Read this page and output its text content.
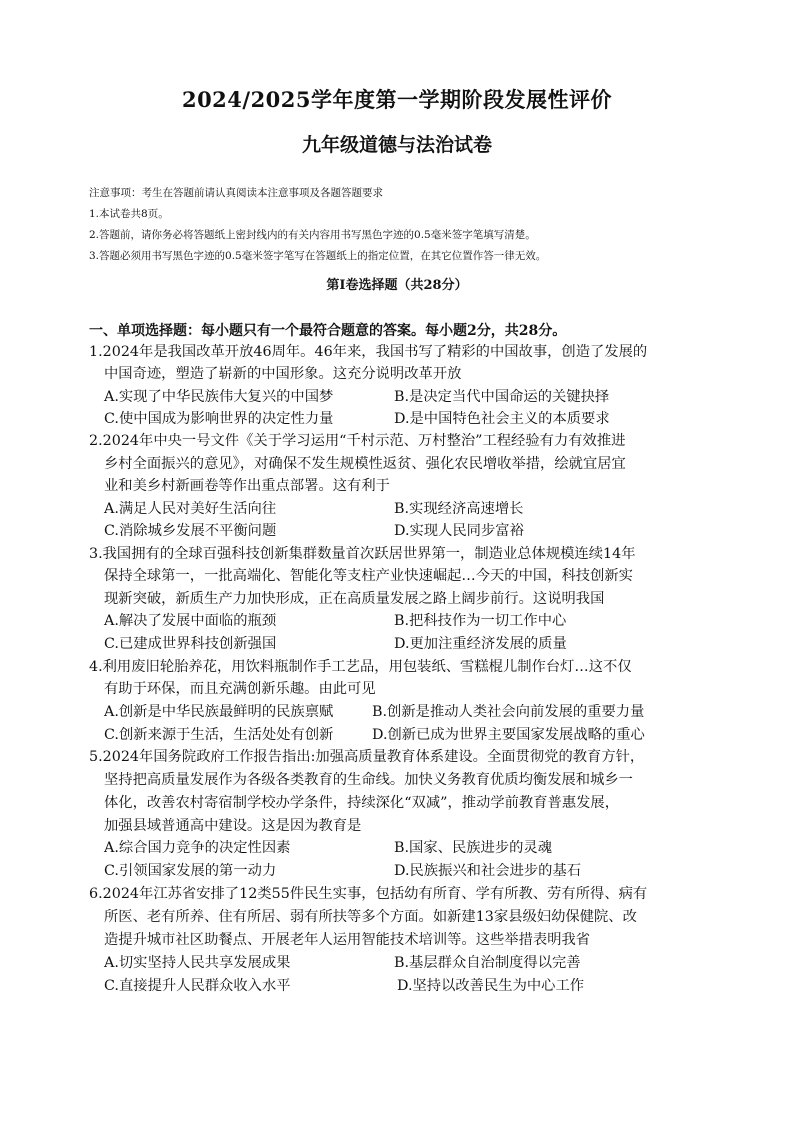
2024/2025学年度第一学期阶段发展性评价
九年级道德与法治试卷
注意事项：考生在答题前请认真阅读本注意事项及各题答题要求
1.本试卷共8页。
2.答题前，请你务必将答题纸上密封线内的有关内容用书写黑色字迹的0.5毫米签字笔填写清楚。
3.答题必须用书写黑色字迹的0.5毫米签字笔写在答题纸上的指定位置，在其它位置作答一律无效。
第Ⅰ卷选择题（共28分）
一、单项选择题：每小题只有一个最符合题意的答案。每小题2分，共28分。
1.2024年是我国改革开放46周年。46年来，我国书写了精彩的中国故事，创造了发展的
中国奇迹，塑造了崭新的中国形象。这充分说明改革开放
A.实现了中华民族伟大复兴的中国梦	B.是决定当代中国命运的关键抉择
C.使中国成为影响世界的决定性力量	D.是中国特色社会主义的本质要求
2.2024年中央一号文件《关于学习运用“千村示范、万村整治”工程经验有力有效推进
乡村全面振兴的意见》，对确保不发生规模性返贫、强化农民增收举措，绘就宜居宜
业和美乡村新画卷等作出重点部署。这有利于
A.满足人民对美好生活向往	B.实现经济高速增长
C.消除城乡发展不平衡问题	D.实现人民同步富裕
3.我国拥有的全球百强科技创新集群数量首次跃居世界第一，制造业总体规模连续14年
保持全球第一，一批高端化、智能化等支柱产业快速崛起…今天的中国，科技创新实
现新突破，新质生产力加快形成，正在高质量发展之路上阔步前行。这说明我国
A.解决了发展中面临的瓶颈	B.把科技作为一切工作中心
C.已建成世界科技创新强国	D.更加注重经济发展的质量
4.利用废旧轮胎养花，用饮料瓶制作手工艺品，用包装纸、雪糕棍儿制作台灯…这不仅
有助于环保，而且充满创新乐趣。由此可见
A.创新是中华民族最鲜明的民族禀赋	B.创新是推动人类社会向前发展的重要力量
C.创新来源于生活，生活处处有创新	D.创新已成为世界主要国家发展战略的重心
5.2024年国务院政府工作报告指出:加强高质量教育体系建设。全面贯彻党的教育方针，
坚持把高质量发展作为各级各类教育的生命线。加快义务教育优质均衡发展和城乡一
体化，改善农村寄宿制学校办学条件，持续深化“双减”，推动学前教育普惠发展，
加强县域普通高中建设。这是因为教育是
A.综合国力竞争的决定性因素	B.国家、民族进步的灵魂
C.引领国家发展的第一动力	D.民族振兴和社会进步的基石
6.2024年江苏省安排了12类55件民生实事，包括幼有所育、学有所教、劳有所得、病有
所医、老有所养、住有所居、弱有所扶等多个方面。如新建13家县级妇幼保健院、改
造提升城市社区助餐点、开展老年人运用智能技术培训等。这些举措表明我省
A.切实坚持人民共享发展成果	B.基层群众自治制度得以完善
C.直接提升人民群众收入水平	D.坚持以改善民生为中心工作
